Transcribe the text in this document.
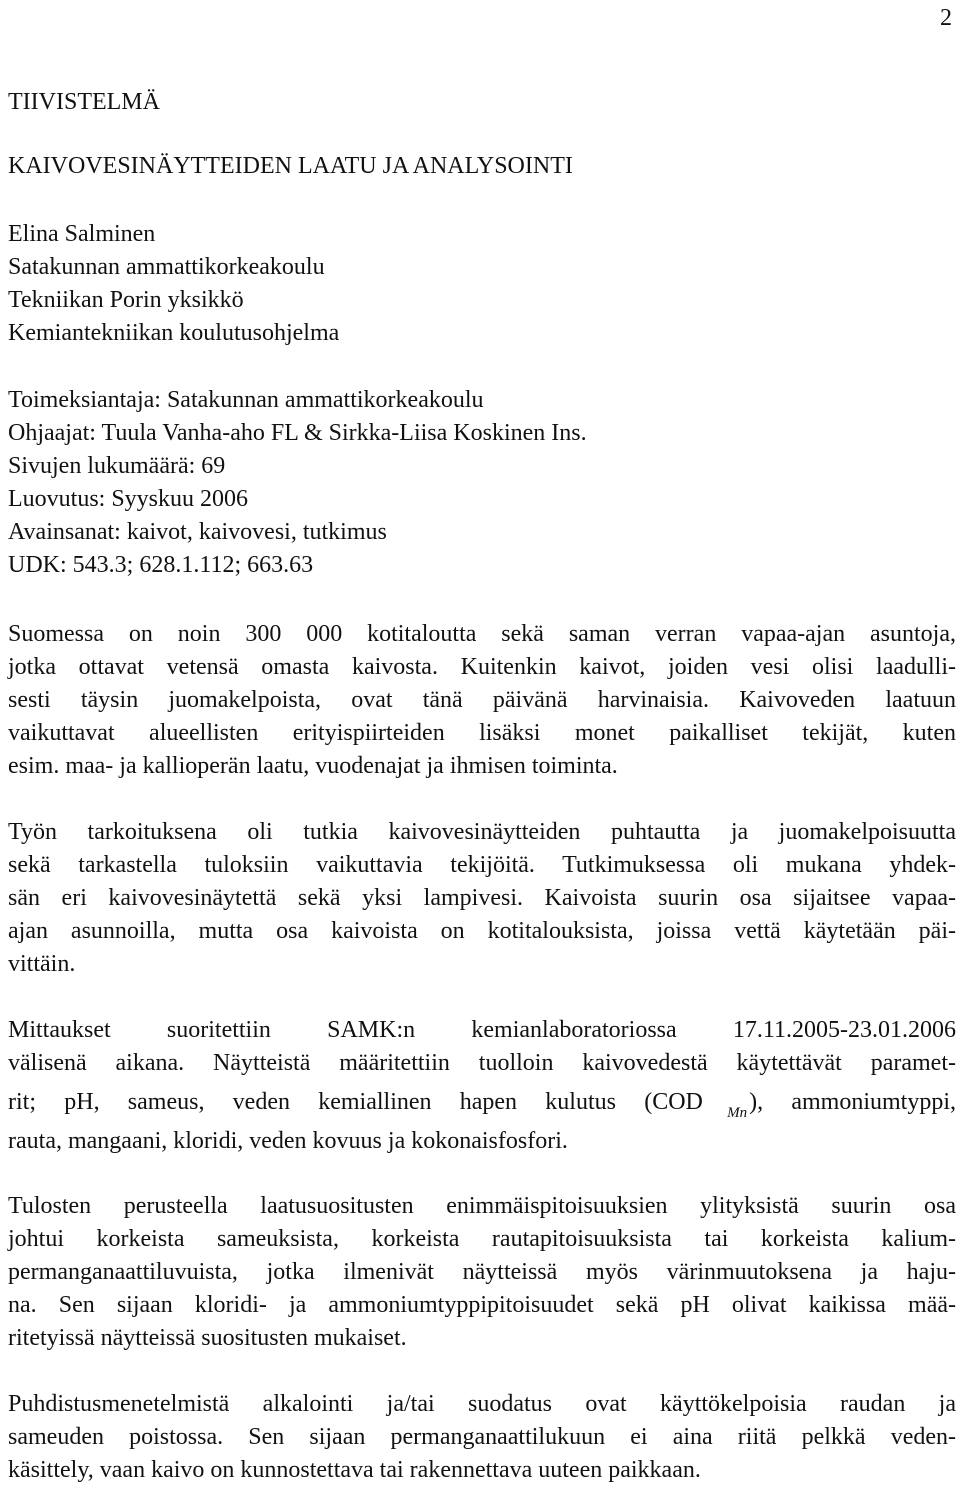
2
TIIVISTELMÄ
KAIVOVESINÄYTTEIDEN LAATU JA ANALYSOINTI
Elina Salminen
Satakunnan ammattikorkeakoulu
Tekniikan Porin yksikkö
Kemiantekniikan koulutusohjelma
Toimeksiantaja: Satakunnan ammattikorkeakoulu
Ohjaajat: Tuula Vanha-aho FL & Sirkka-Liisa Koskinen Ins.
Sivujen lukumäärä: 69
Luovutus: Syyskuu 2006
Avainsanat: kaivot, kaivovesi, tutkimus
UDK: 543.3; 628.1.112; 663.63
Suomessa on noin 300 000 kotitaloutta sekä saman verran vapaa-ajan asuntoja,
jotka ottavat vetensä omasta kaivosta. Kuitenkin kaivot, joiden vesi olisi laadulli-
sesti täysin juomakelpoista, ovat tänä päivänä harvinaisia. Kaivoveden laatuun
vaikuttavat alueellisten erityispiirteiden lisäksi monet paikalliset tekijät, kuten
esim. maa- ja kallioperän laatu, vuodenajat ja ihmisen toiminta.
Työn tarkoituksena oli tutkia kaivovesinäytteiden puhtautta ja juomakelpoisuutta
sekä tarkastella tuloksiin vaikuttavia tekijöitä. Tutkimuksessa oli mukana yhdek-
sän eri kaivovesinäytettä sekä yksi lampivesi. Kaivoista suurin osa sijaitsee vapaa-
ajan asunnoilla, mutta osa kaivoista on kotitalouksista, joissa vettä käytetään päi-
vittäin.
Mittaukset suoritettiin SAMK:n kemianlaboratoriossa 17.11.2005-23.01.2006
välisenä aikana. Näytteistä määritettiin tuolloin kaivovedestä käytettävät paramet-
rit; pH, sameus, veden kemiallinen hapen kulutus (COD $_{Mn}$), ammoniumtyppi,
rauta, mangaani, kloridi, veden kovuus ja kokonaisfosfori.
Tulosten perusteella laatusuositusten enimmäispitoisuuksien ylityksistä suurin osa
johtui korkeista sameuksista, korkeista rautapitoisuuksista tai korkeista kalium-
permanganaattiluvuista, jotka ilmenivät näytteissä myös värinmuutoksena ja haju-
na. Sen sijaan kloridi- ja ammoniumtyppipitoisuudet sekä pH olivat kaikissa mää-
ritetyissä näytteissä suositusten mukaiset.
Puhdistusmenetelmistä alkalointi ja/tai suodatus ovat käyttökelpoisia raudan ja
sameuden poistossa. Sen sijaan permanganaattilukuun ei aina riitä pelkkä veden-
käsittely, vaan kaivo on kunnostettava tai rakennettava uuteen paikkaan.
